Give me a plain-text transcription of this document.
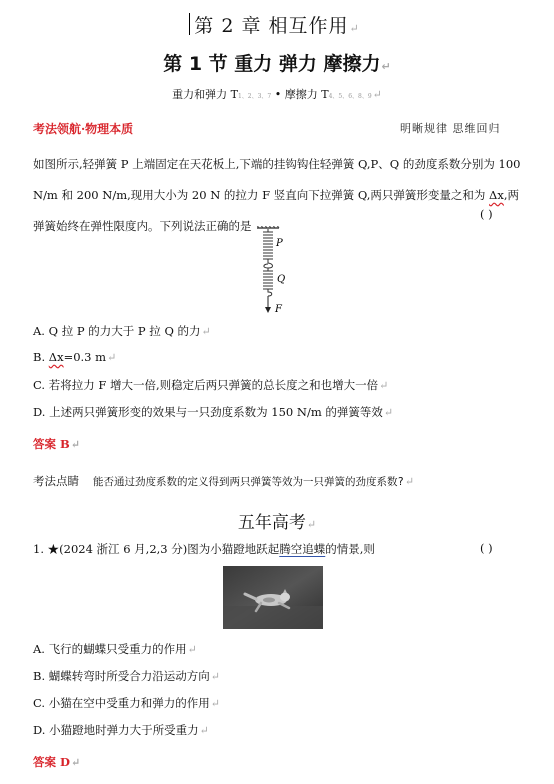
第 2 章 相互作用↵
第 1 节 重力 弹力 摩擦力↵
重力和弹力 T1、2、3、7 • 摩擦力 T4、5、6、8、9↵
考法领航·物理本质	明晰规律 思维回归
如图所示,轻弹簧 P 上端固定在天花板上,下端的挂钩钩住轻弹簧 Q,P、Q 的劲度系数分别为 100 N/m 和 200 N/m,现用大小为 20 N 的拉力 F 竖直向下拉弹簧 Q,两只弹簧形变量之和为 Δx,两弹簧始终在弹性限度内。下列说法正确的是
( )
P
Q
F
A. Q 拉 P 的力大于 P 拉 Q 的力↵
B. Δx=0.3 m↵
C. 若将拉力 F 增大一倍,则稳定后两只弹簧的总长度之和也增大一倍↵
D. 上述两只弹簧形变的效果与一只劲度系数为 150 N/m 的弹簧等效↵
答案 B↵
考法点睛 能否通过劲度系数的定义得到两只弹簧等效为一只弹簧的劲度系数?↵
五年高考↵
1. ★(2024 浙江 6 月,2,3 分)图为小猫蹬地跃起腾空追蝶的情景,则	( )
A. 飞行的蝴蝶只受重力的作用↵
B. 蝴蝶转弯时所受合力沿运动方向↵
C. 小猫在空中受重力和弹力的作用↵
D. 小猫蹬地时弹力大于所受重力↵
答案 D↵
